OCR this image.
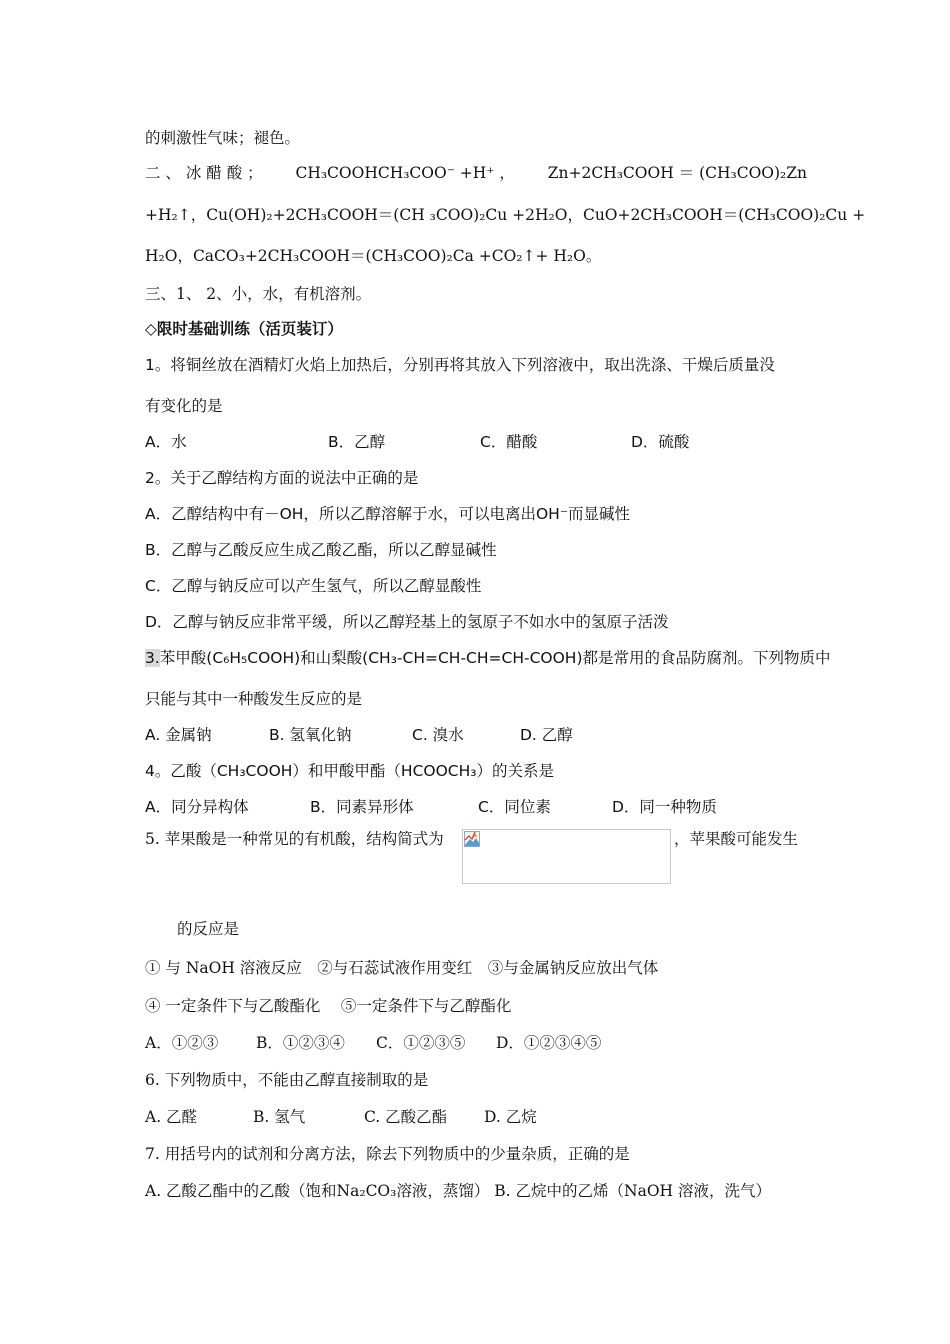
的刺激性气味；褪色。
二 、 冰 醋 酸 ； CH₃COOHCH₃COO⁻ +H⁺ ， Zn+2CH₃COOH ＝ (CH₃COO)₂Zn
+H₂↑，Cu(OH)₂+2CH₃COOH＝(CH ₃COO)₂Cu +2H₂O，CuO+2CH₃COOH＝(CH₃COO)₂Cu +
H₂O，CaCO₃+2CH₃COOH＝(CH₃COO)₂Ca +CO₂↑+ H₂O。
三、1、 2、小，水，有机溶剂。
◇限时基础训练（活页装订）
1。将铜丝放在酒精灯火焰上加热后，分别再将其放入下列溶液中，取出洗涤、干燥后质量没
有变化的是
A．水	B．乙醇	C．醋酸	D．硫酸
2。关于乙醇结构方面的说法中正确的是
A．乙醇结构中有－OH，所以乙醇溶解于水，可以电离出OH⁻而显碱性
B．乙醇与乙酸反应生成乙酸乙酯，所以乙醇显碱性
C．乙醇与钠反应可以产生氢气，所以乙醇显酸性
D．乙醇与钠反应非常平缓，所以乙醇羟基上的氢原子不如水中的氢原子活泼
3.苯甲酸(C₆H₅COOH)和山梨酸(CH₃-CH=CH-CH=CH-COOH)都是常用的食品防腐剂。下列物质中
只能与其中一种酸发生反应的是
A. 金属钠	B. 氢氧化钠	C. 溴水	D. 乙醇
4。乙酸（CH₃COOH）和甲酸甲酯（HCOOCH₃）的关系是
A．同分异构体	B．同素异形体	C．同位素	D．同一种物质
5. 苹果酸是一种常见的有机酸，结构简式为	，苹果酸可能发生
的反应是
① 与 NaOH 溶液反应　②与石蕊试液作用变红　③与金属钠反应放出气体
④ 一定条件下与乙酸酯化　 ⑤一定条件下与乙醇酯化
A．①②③ B．①②③④ C．①②③⑤ D．①②③④⑤
6. 下列物质中，不能由乙醇直接制取的是
A. 乙醛	B. 氢气	C. 乙酸乙酯 D. 乙烷
7. 用括号内的试剂和分离方法，除去下列物质中的少量杂质，正确的是
A. 乙酸乙酯中的乙酸（饱和Na₂CO₃溶液，蒸馏） B. 乙烷中的乙烯（NaOH 溶液，洗气）
